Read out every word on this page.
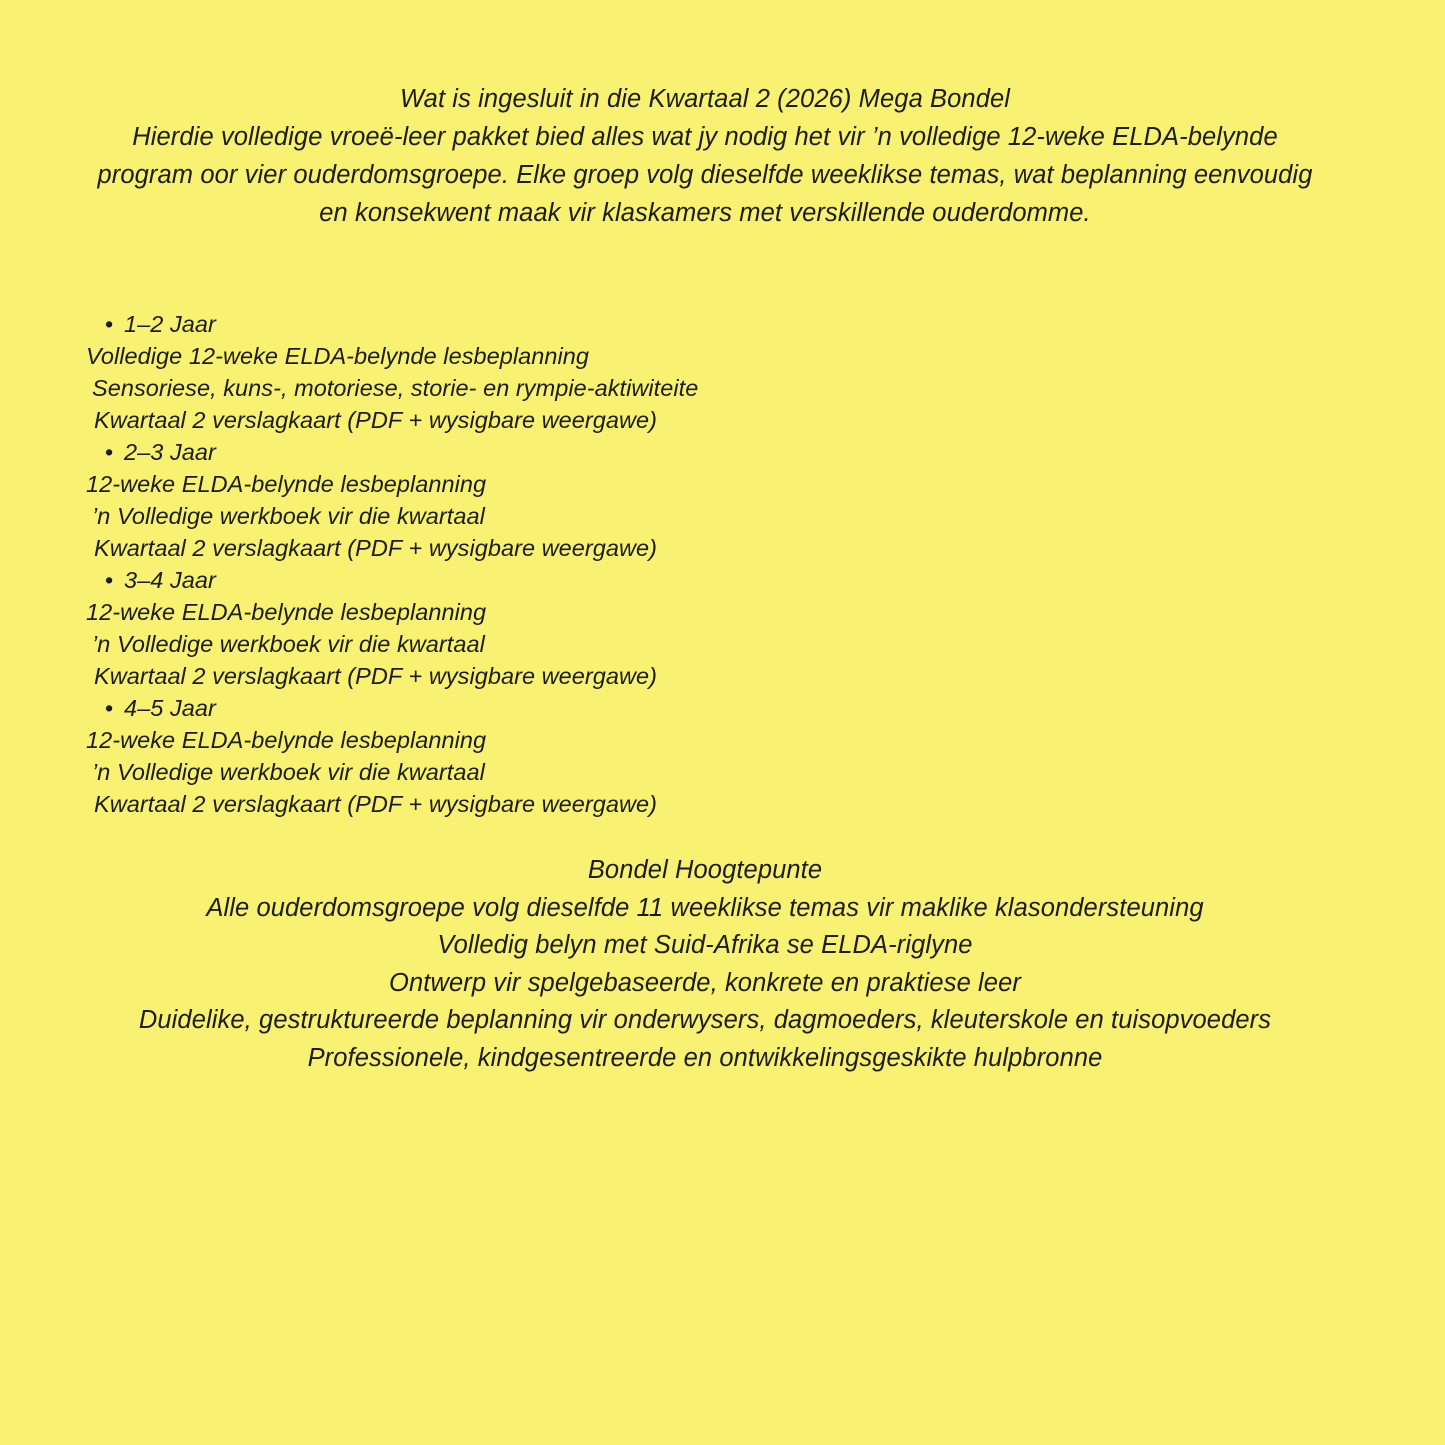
Wat is ingesluit in die Kwartaal 2 (2026) Mega Bondel

Hierdie volledige vroeë-leer pakket bied alles wat jy nodig het vir ’n volledige 12-weke ELDA-belynde program oor vier ouderdomsgroepe. Elke groep volg dieselfde weeklikse temas, wat beplanning eenvoudig en konsekwent maak vir klaskamers met verskillende ouderdomme.

• 1–2 Jaar
Volledige 12-weke ELDA-belynde lesbeplanning
Sensoriese, kuns-, motoriese, storie- en rympie-aktiwiteite
Kwartaal 2 verslagkaart (PDF + wysigbare weergawe)
• 2–3 Jaar
12-weke ELDA-belynde lesbeplanning
’n Volledige werkboek vir die kwartaal
Kwartaal 2 verslagkaart (PDF + wysigbare weergawe)
• 3–4 Jaar
12-weke ELDA-belynde lesbeplanning
’n Volledige werkboek vir die kwartaal
Kwartaal 2 verslagkaart (PDF + wysigbare weergawe)
• 4–5 Jaar
12-weke ELDA-belynde lesbeplanning
’n Volledige werkboek vir die kwartaal
Kwartaal 2 verslagkaart (PDF + wysigbare weergawe)

Bondel Hoogtepunte

Alle ouderdomsgroepe volg dieselfde 11 weeklikse temas vir maklike klasondersteuning

Volledig belyn met Suid-Afrika se ELDA-riglyne

Ontwerp vir spelgebaseerde, konkrete en praktiese leer

Duidelike, gestruktureerde beplanning vir onderwysers, dagmoeders, kleuterskole en tuisopvoeders

Professionele, kindgesentreerde en ontwikkelingsgeskikte hulpbronne
